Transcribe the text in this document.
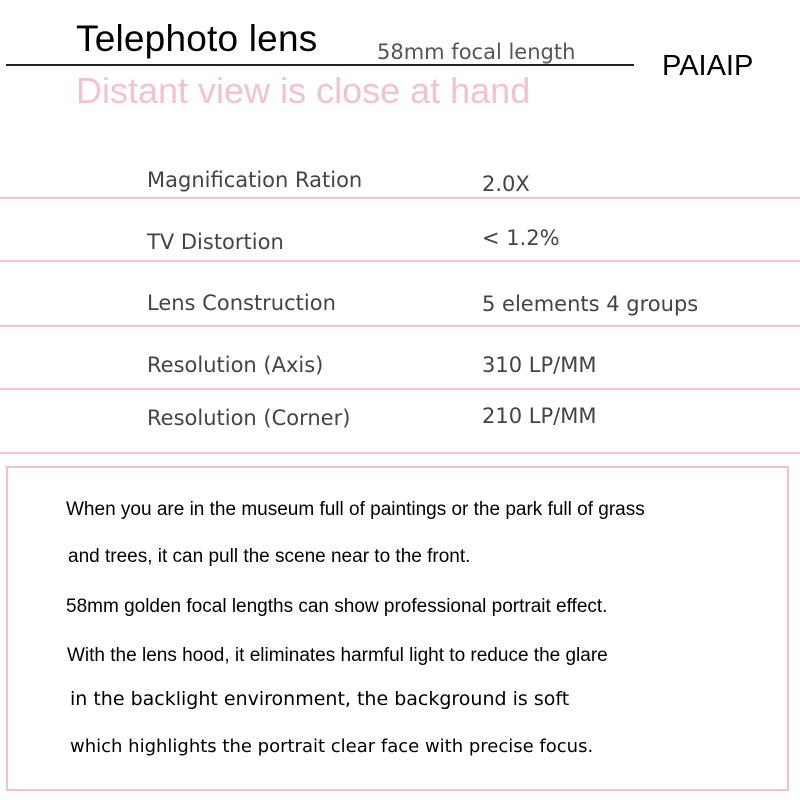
Telephoto lens	58mm focal length	PAIAIP
Distant view is close at hand
Magnification Ration	2.0X
TV Distortion	< 1.2%
Lens Construction	5 elements 4 groups
Resolution (Axis)	310 LP/MM
Resolution (Corner)	210 LP/MM
When you are in the museum full of paintings or the park full of grass
and trees, it can pull the scene near to the front.
58mm golden focal lengths can show professional portrait effect.
With the lens hood, it eliminates harmful light to reduce the glare
in the backlight environment, the background is soft
which highlights the portrait clear face with precise focus.
